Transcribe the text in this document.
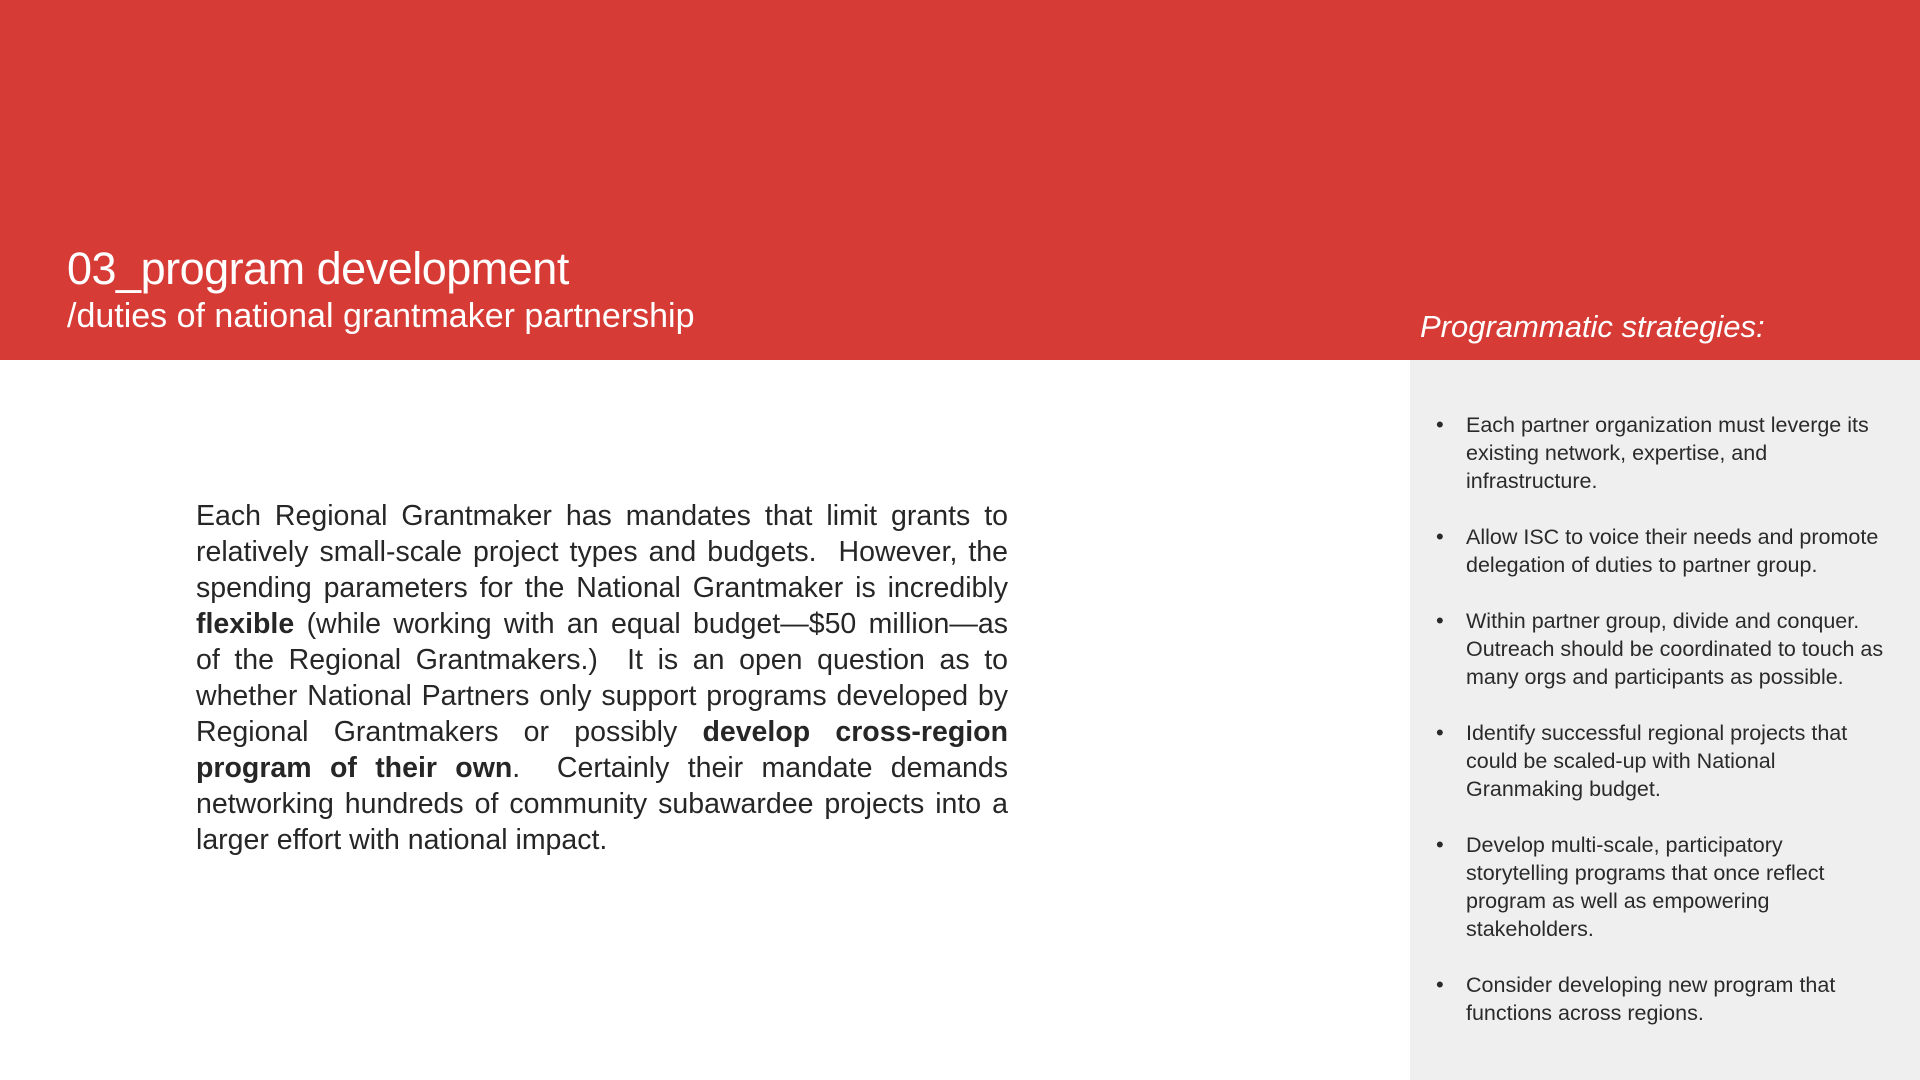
03_program development
/duties of national grantmaker partnership	Programmatic strategies:
• Each partner organization must leverge its existing network, expertise, and infrastructure.
• Allow ISC to voice their needs and promote delegation of duties to partner group.
• Within partner group, divide and conquer. Outreach should be coordinated to touch as many orgs and participants as possible.
• Identify successful regional projects that could be scaled-up with National Granmaking budget.
• Develop multi-scale, participatory storytelling programs that once reflect program as well as empowering stakeholders.
• Consider developing new program that functions across regions.

Each Regional Grantmaker has mandates that limit grants to relatively small-scale project types and budgets.  However, the spending parameters for the National Grantmaker is incredibly flexible (while working with an equal budget—$50 million—as of the Regional Grantmakers.)  It is an open question as to whether National Partners only support programs developed by Regional Grantmakers or possibly develop cross-region program of their own.  Certainly their mandate demands networking hundreds of community subawardee projects into a larger effort with national impact.
